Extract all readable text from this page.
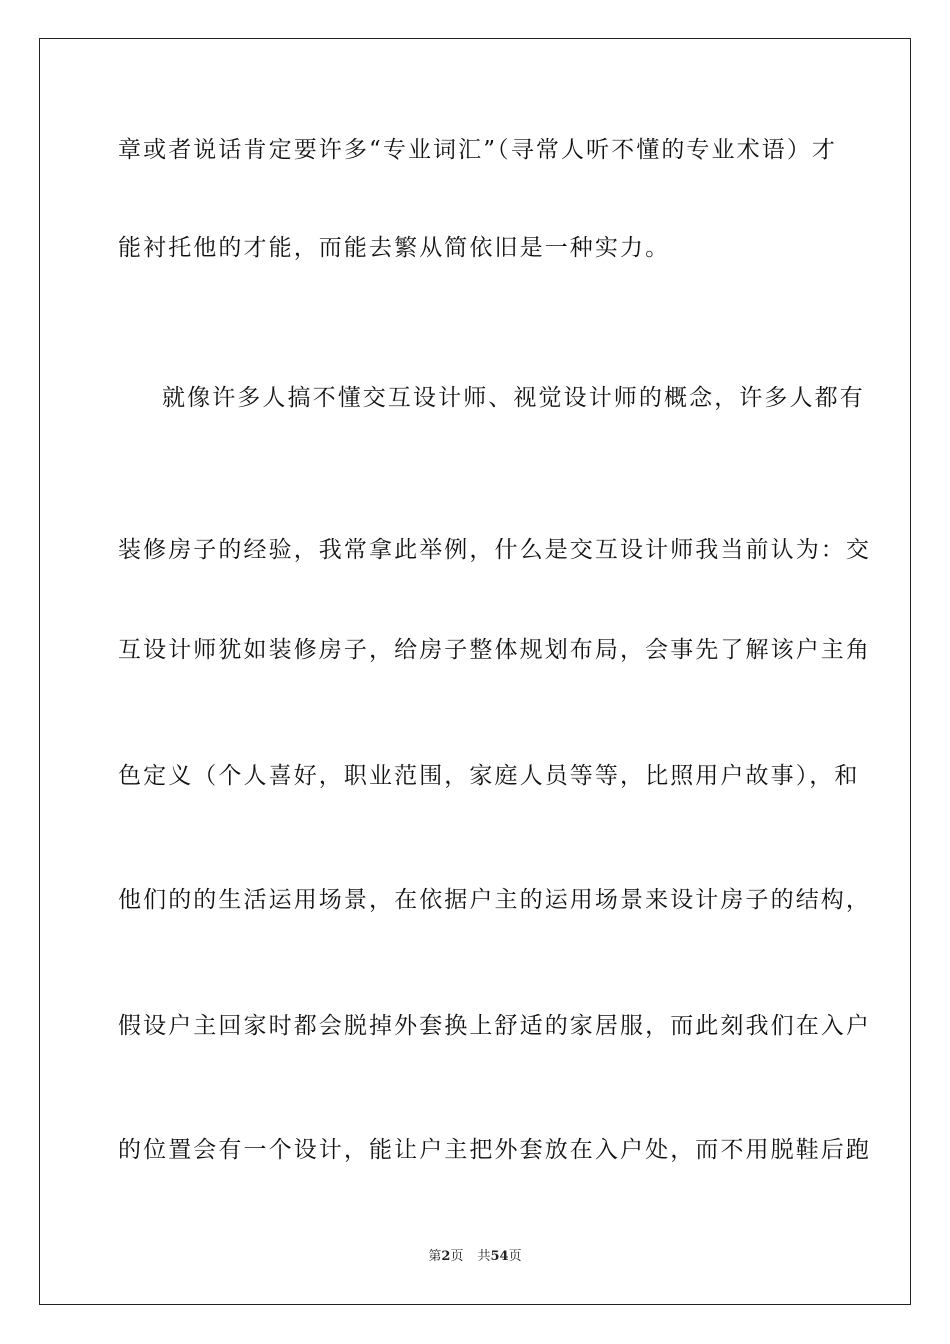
章或者说话肯定要许多“专业词汇”（寻常人听不懂的专业术语）才
能衬托他的才能，而能去繁从简依旧是一种实力。
就像许多人搞不懂交互设计师、视觉设计师的概念，许多人都有
装修房子的经验，我常拿此举例，什么是交互设计师我当前认为：交
互设计师犹如装修房子，给房子整体规划布局，会事先了解该户主角
色定义（个人喜好，职业范围，家庭人员等等，比照用户故事），和
他们的的生活运用场景，在依据户主的运用场景来设计房子的结构，
假设户主回家时都会脱掉外套换上舒适的家居服，而此刻我们在入户
的位置会有一个设计，能让户主把外套放在入户处，而不用脱鞋后跑
第2页 共54页
